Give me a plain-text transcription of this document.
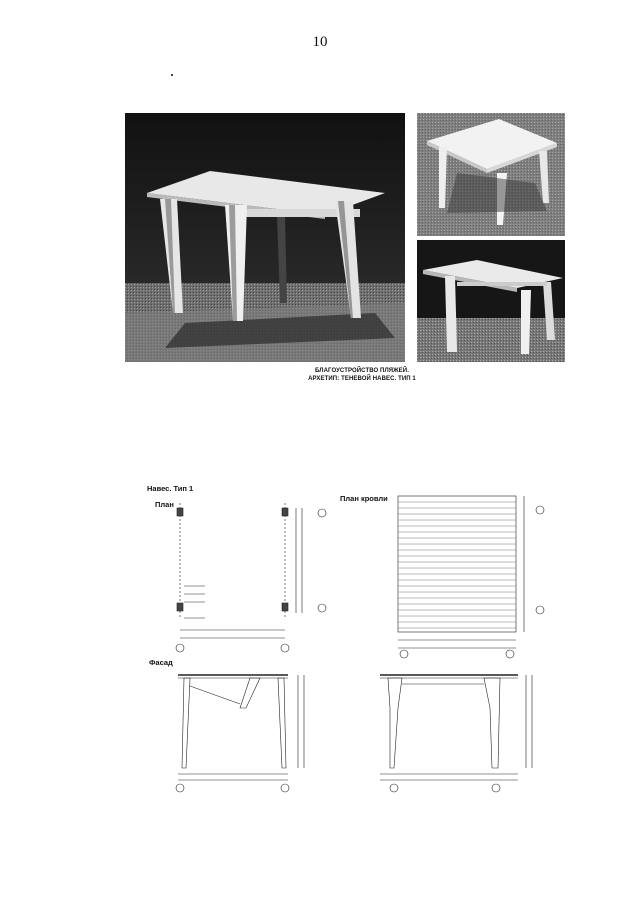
10
БЛАГОУСТРОЙСТВО ПЛЯЖЕЙ.
АРХЕТИП: ТЕНЕВОЙ НАВЕС. ТИП 1
Навес. Тип 1
План
План кровли
Фасад
